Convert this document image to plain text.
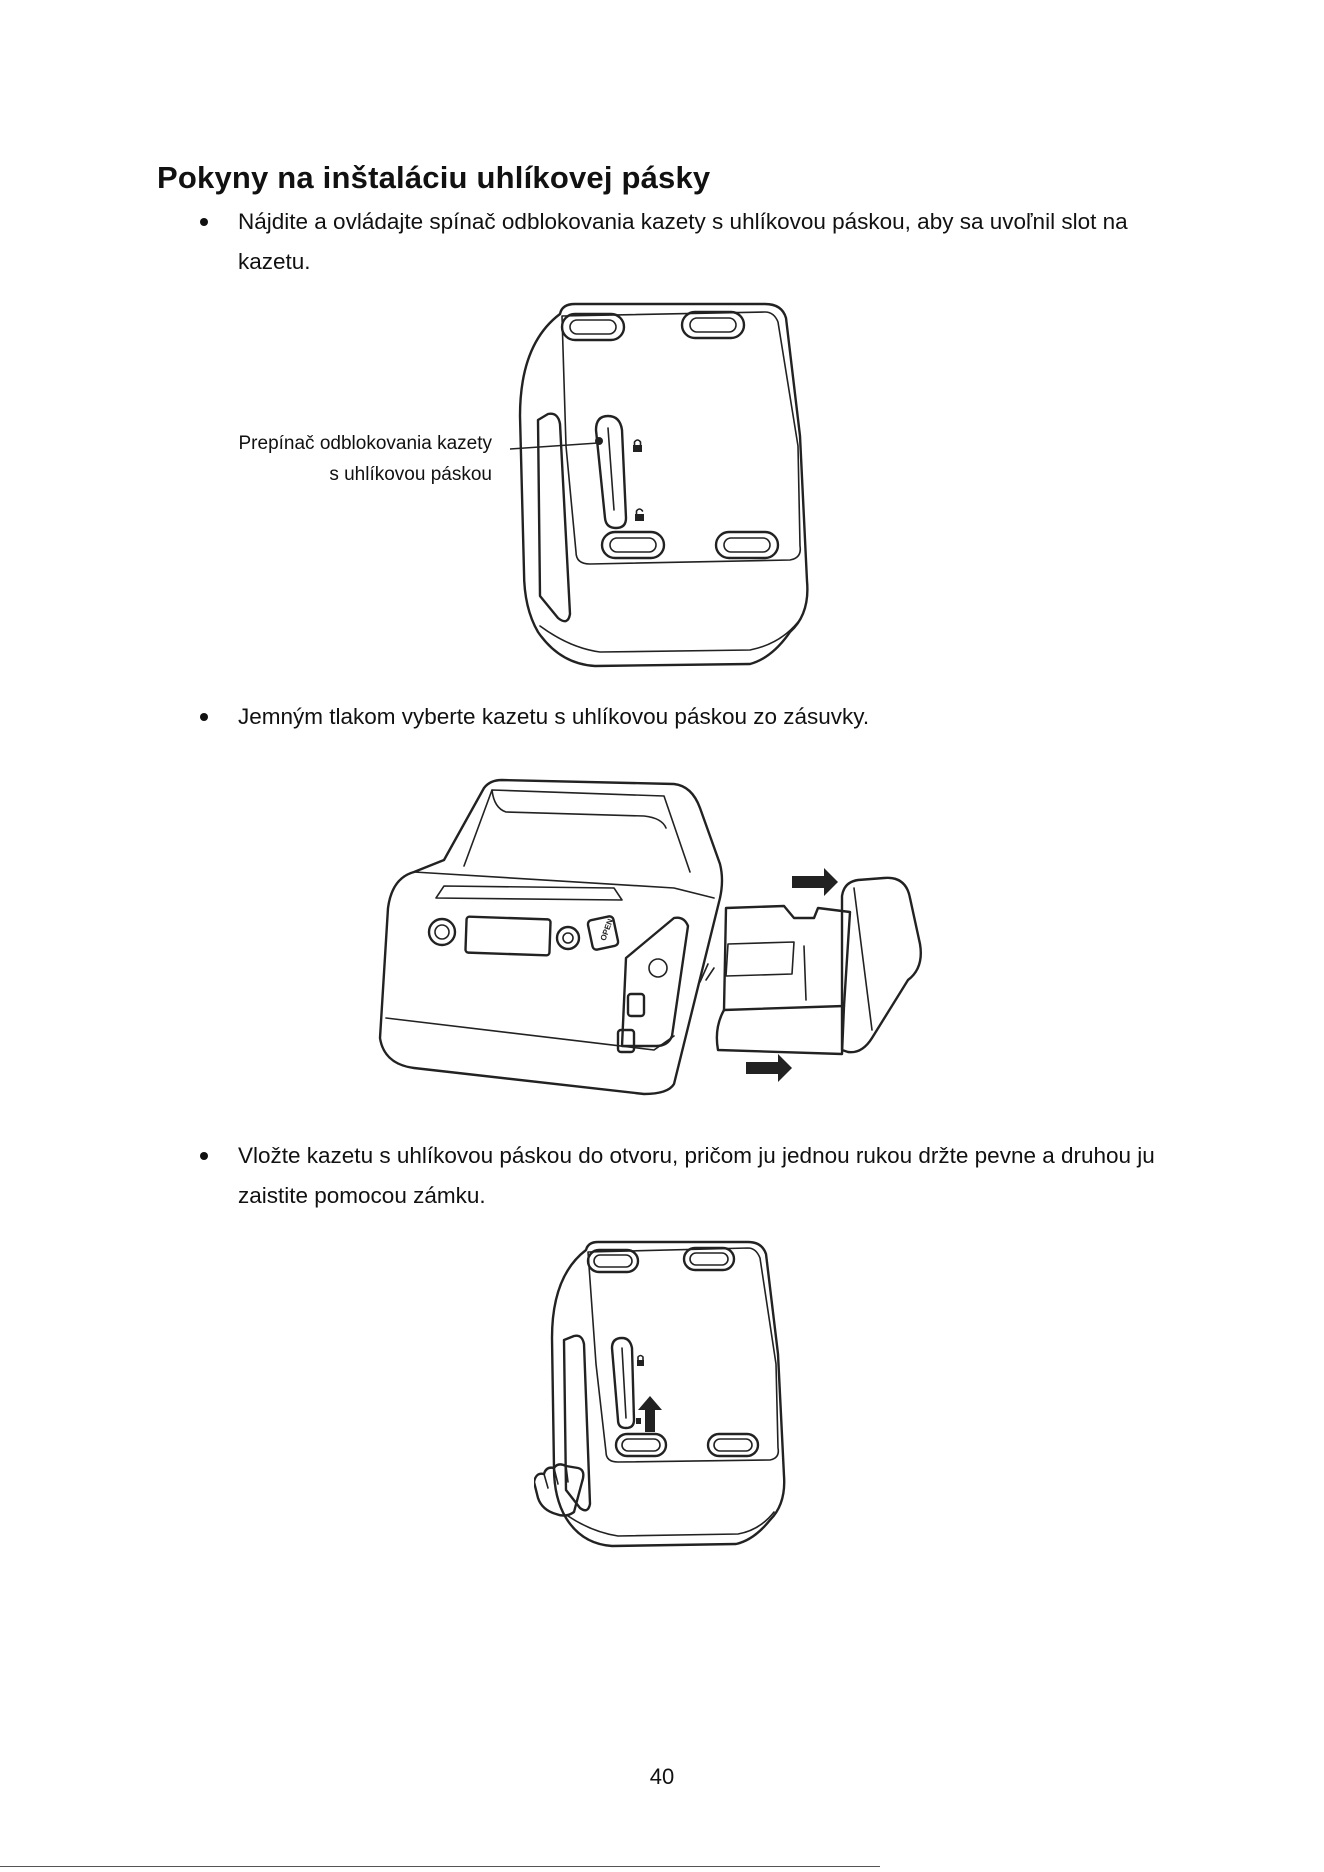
Pokyny na inštaláciu uhlíkovej pásky
Nájdite a ovládajte spínač odblokovania kazety s uhlíkovou páskou, aby sa uvoľnil slot na kazetu.
Prepínač odblokovania kazety
s uhlíkovou páskou
Jemným tlakom vyberte kazetu s uhlíkovou páskou zo zásuvky.
OPEN
Vložte kazetu s uhlíkovou páskou do otvoru, pričom ju jednou rukou držte pevne a druhou ju zaistite pomocou zámku.
40
